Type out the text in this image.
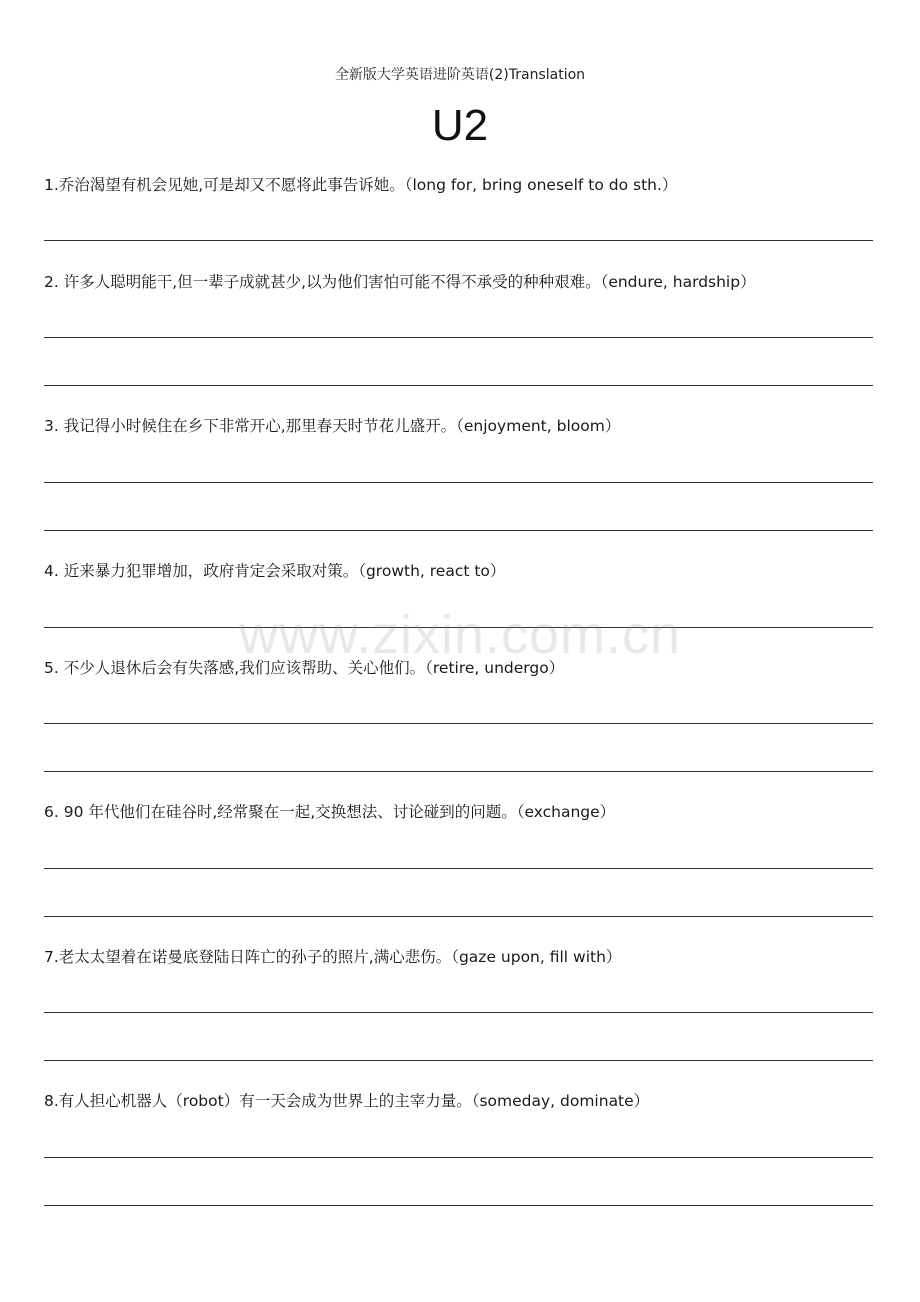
全新版大学英语进阶英语(2)Translation
U2
1.乔治渴望有机会见她,可是却又不愿将此事告诉她。（long for, bring oneself to do sth.）
2. 许多人聪明能干,但一辈子成就甚少,以为他们害怕可能不得不承受的种种艰难。（endure, hardship）
3. 我记得小时候住在乡下非常开心,那里春天时节花儿盛开。（enjoyment, bloom）
4. 近来暴力犯罪增加，政府肯定会采取对策。（growth, react to）
5. 不少人退休后会有失落感,我们应该帮助、关心他们。（retire, undergo）
6. 90 年代他们在硅谷时,经常聚在一起,交换想法、讨论碰到的问题。（exchange）
7.老太太望着在诺曼底登陆日阵亡的孙子的照片,满心悲伤。（gaze upon, fill with）
8.有人担心机器人（robot）有一天会成为世界上的主宰力量。（someday, dominate）
www.zixin.com.cn
